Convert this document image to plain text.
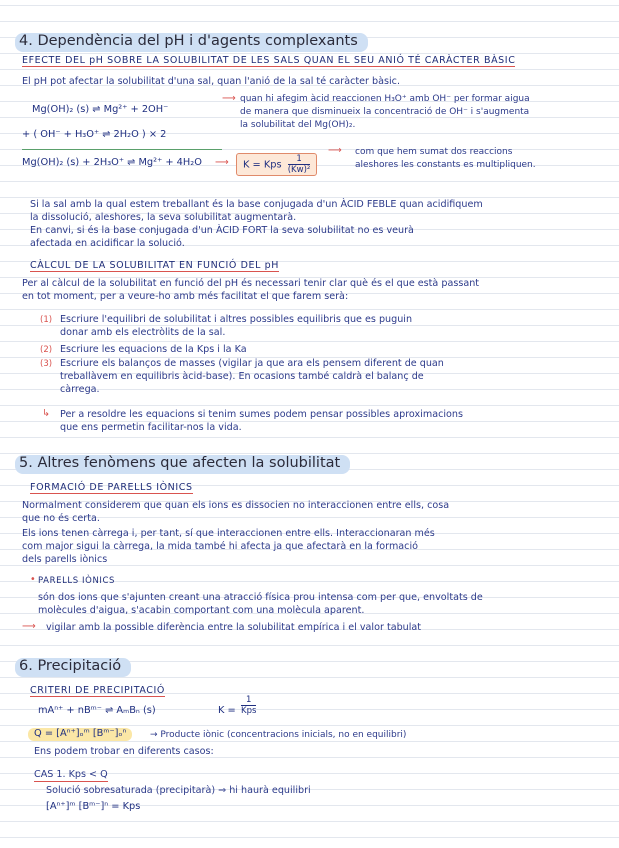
4. Dependència del pH i d'agents complexants
EFECTE DEL pH SOBRE LA SOLUBILITAT DE LES SALS QUAN EL SEU ANIÓ TÉ CARÀCTER BÀSIC
El pH pot afectar la solubilitat d'una sal, quan l'anió de la sal té caràcter bàsic.
Mg(OH)₂ (s) ⇌ Mg²⁺ + 2OH⁻
⟶ quan hi afegim àcid reaccionen H₃O⁺ amb OH⁻ per formar aigua
de manera que disminueix la concentració de OH⁻ i s'augmenta
la solubilitat del Mg(OH)₂.
+ ( OH⁻ + H₃O⁺ ⇌ 2H₂O ) × 2
Mg(OH)₂ (s) + 2H₃O⁺ ⇌ Mg²⁺ + 4H₂O ⟶	K = Kps $\frac{1}{\text{(Kw)²}}$
⟶ com que hem sumat dos reaccions
aleshores les constants es multipliquen.
Si la sal amb la qual estem treballant és la base conjugada d'un ÀCID FEBLE quan acidifiquem
la dissolució, aleshores, la seva solubilitat augmentarà.
En canvi, si és la base conjugada d'un ÀCID FORT la seva solubilitat no es veurà
afectada en acidificar la solució.
CÀLCUL DE LA SOLUBILITAT EN FUNCIÓ DEL pH
Per al càlcul de la solubilitat en funció del pH és necessari tenir clar què és el que està passant
en tot moment, per a veure-ho amb més facilitat el que farem serà:
(1) Escriure l'equilibri de solubilitat i altres possibles equilibris que es puguin
donar amb els electròlits de la sal.
(2) Escriure les equacions de la Kps i la Ka
(3) Escriure els balanços de masses (vigilar ja que ara els pensem diferent de quan
treballàvem en equilibris àcid-base). En ocasions també caldrà el balanç de
càrrega.
↳ Per a resoldre les equacions si tenim sumes podem pensar possibles aproximacions
que ens permetin facilitar-nos la vida.
5. Altres fenòmens que afecten la solubilitat
FORMACIÓ DE PARELLS IÒNICS
Normalment considerem que quan els ions es dissocien no interaccionen entre ells, cosa
que no és certa.
Els ions tenen càrrega i, per tant, sí que interaccionen entre ells. Interaccionaran més
com major sigui la càrrega, la mida també hi afecta ja que afectarà en la formació
dels parells iònics
• PARELLS IÒNICS
són dos ions que s'ajunten creant una atracció física prou intensa com per que, envoltats de
molècules d'aigua, s'acabin comportant com una molècula aparent.
⟶ vigilar amb la possible diferència entre la solubilitat empírica i el valor tabulat
6. Precipitació
CRITERI DE PRECIPITACIÓ
mAⁿ⁺ + nBᵐ⁻ ⇌ AₘBₙ (s)	$K = \frac{1}{\text{Kps}}$
Q = [Aⁿ⁺]ₒᵐ [Bᵐ⁻]ₒⁿ	→ Producte iònic (concentracions inicials, no en equilibri)
Ens podem trobar en diferents casos:
CAS 1. Kps < Q
Solució sobresaturada (precipitarà) ⇒ hi haurà equilibri
[Aⁿ⁺]ᵐ [Bᵐ⁻]ⁿ = Kps
